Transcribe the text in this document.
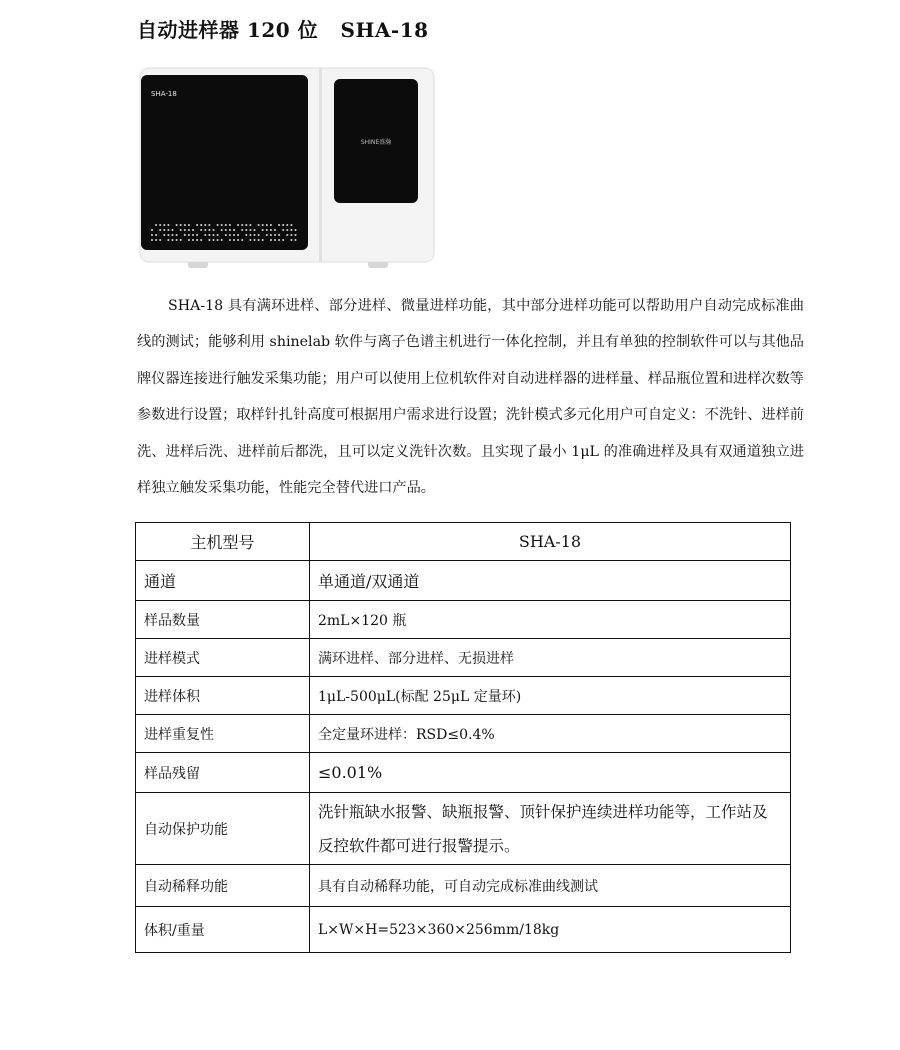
自动进样器 120 位   SHA-18
SHA-18
SHINE盛瀚

SHA-18 具有满环进样、部分进样、微量进样功能，其中部分进样功能可以帮助用户自动完成标准曲线的测试；能够利用 shinelab 软件与离子色谱主机进行一体化控制，并且有单独的控制软件可以与其他品牌仪器连接进行触发采集功能；用户可以使用上位机软件对自动进样器的进样量、样品瓶位置和进样次数等参数进行设置；取样针扎针高度可根据用户需求进行设置；洗针模式多元化用户可自定义：不洗针、进样前洗、进样后洗、进样前后都洗，且可以定义洗针次数。且实现了最小 1μL 的准确进样及具有双通道独立进样独立触发采集功能，性能完全替代进口产品。

主机型号	SHA-18
通道	单通道/双通道
样品数量	2mL×120 瓶
进样模式	满环进样、部分进样、无损进样
进样体积	1μL-500μL(标配 25μL 定量环)
进样重复性	全定量环进样：RSD≤0.4%
样品残留	≤0.01%
自动保护功能	洗针瓶缺水报警、缺瓶报警、顶针保护连续进样功能等，工作站及反控软件都可进行报警提示。
自动稀释功能	具有自动稀释功能，可自动完成标准曲线测试
体积/重量	L×W×H=523×360×256mm/18kg
